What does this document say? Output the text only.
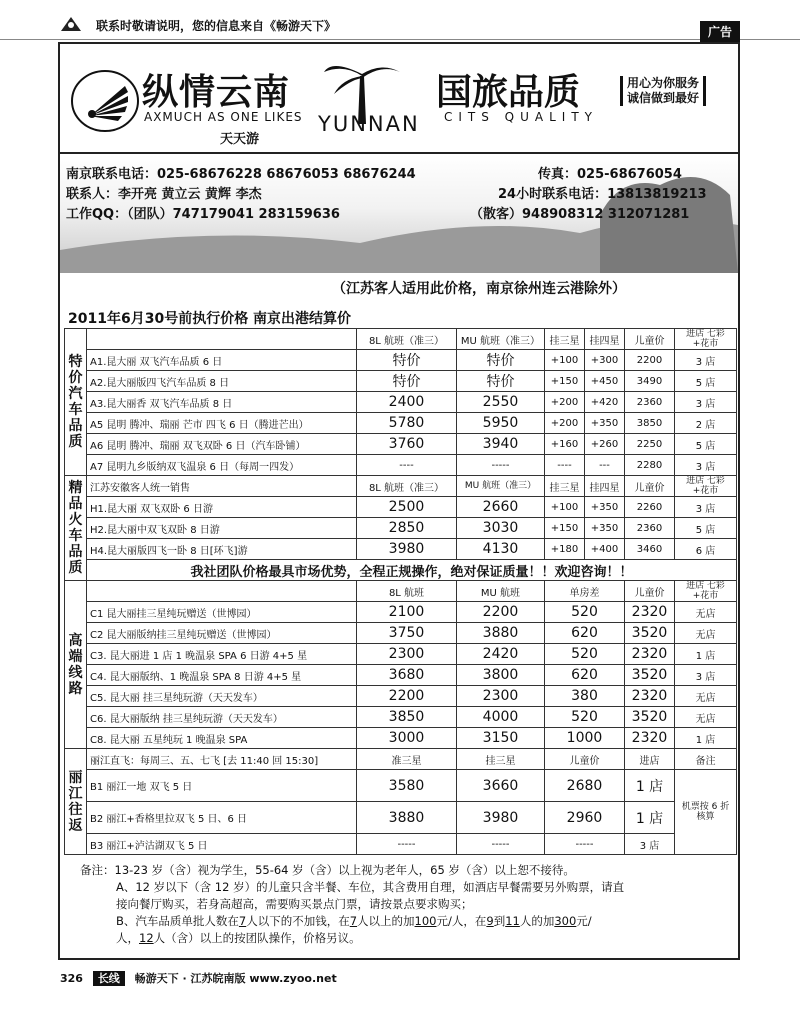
联系时敬请说明，您的信息来自《畅游天下》	广告
纵情云南
AXMUCH AS ONE LIKES
天天游
YUNNAN
国旅品质
CITS QUALITY
用心为你服务
诚信做到最好
南京联系电话：025-68676228 68676053 68676244	传真：025-68676054
联系人：李开亮 黄立云 黄辉 李杰	24小时联系电话：13813819213
工作QQ：（团队）747179041 283159636	（散客）948908312 312071281
（江苏客人适用此价格，南京徐州连云港除外）
2011年6月30号前执行价格 南京出港结算价
特价汽车品质		8L 航班（准三）	MU 航班（准三）	挂三星	挂四星	儿童价	进店 七彩+花市
	A1.昆大丽 双飞汽车品质 6 日	特价	特价	+100	+300	2200	3 店
	A2.昆大丽版四飞汽车品质 8 日	特价	特价	+150	+450	3490	5 店
	A3.昆大丽香 双飞汽车品质 8 日	2400	2550	+200	+420	2360	3 店
	A5 昆明 腾冲、瑞丽 芒市 四飞 6 日（腾进芒出）	5780	5950	+200	+350	3850	2 店
	A6 昆明 腾冲、瑞丽 双飞双卧 6 日（汽车卧铺）	3760	3940	+160	+260	2250	5 店
	A7 昆明九乡版纳双飞温泉 6 日（每周一四发）	----	-----	----	---	2280	3 店
精品火车品质	江苏安徽客人统一销售	8L 航班（准三）	MU 航班（准三）	挂三星	挂四星	儿童价	进店 七彩+花市
	H1.昆大丽 双飞双卧 6 日游	2500	2660	+100	+350	2260	3 店
	H2.昆大丽中双飞双卧 8 日游	2850	3030	+150	+350	2360	5 店
	H4.昆大丽版四飞一卧 8 日[环飞]游	3980	4130	+180	+400	3460	6 店
	我社团队价格最具市场优势，全程正规操作，绝对保证质量！！欢迎咨询！！						
高端线路		8L 航班	MU 航班	单房差		儿童价	进店 七彩+花市
	C1 昆大丽挂三星纯玩赠送（世博园）	2100	2200	520		2320	无店
	C2 昆大丽版纳挂三星纯玩赠送（世博园）	3750	3880	620		3520	无店
	C3. 昆大丽进 1 店 1 晚温泉 SPA 6 日游 4+5 星	2300	2420	520		2320	1 店
	C4. 昆大丽版纳、1 晚温泉 SPA 8 日游 4+5 星	3680	3800	620		3520	3 店
	C5. 昆大丽 挂三星纯玩游（天天发车）	2200	2300	380		2320	无店
	C6. 昆大丽版纳 挂三星纯玩游（天天发车）	3850	4000	520		3520	无店
	C8. 昆大丽 五星纯玩 1 晚温泉 SPA	3000	3150	1000		2320	1 店
丽江往返	丽江直飞：每周三、五、七飞 [去 11:40 回 15:30]	准三星	挂三星	儿童价		进店	备注
	B1 丽江一地 双飞 5 日	3580	3660	2680		1 店	机票按 6 折核算
	B2 丽江+香格里拉双飞 5 日、6 日	3880	3980	2960		1 店	
	B3 丽江+泸沽湖双飞 5 日	-----	-----	-----		3 店	

备注：13-23 岁（含）视为学生，55-64 岁（含）以上视为老年人，65 岁（含）以上恕不接待。

A、12 岁以下（含 12 岁）的儿童只含半餐、车位，其含费用自理，如酒店早餐需要另外购票，请直

接向餐厅购买，若身高超高，需要购买景点门票，请按景点要求购买；

B、汽车品质单批人数在7人以下的不加钱，在7人以上的加100元/人，在9到11人的加300元/

人，12人（含）以上的按团队操作，价格另议。

326 长线 畅游天下 · 江苏皖南版 www.zyoo.net
